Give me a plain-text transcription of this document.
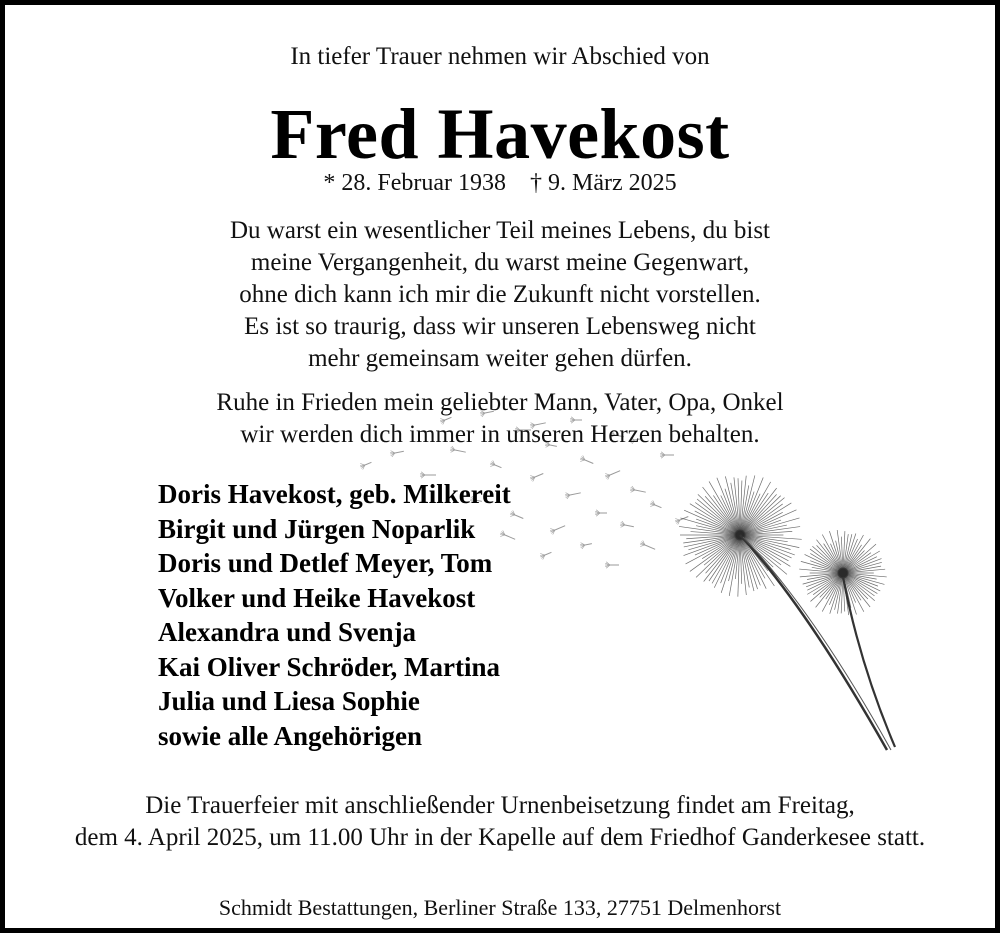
In tiefer Trauer nehmen wir Abschied von
Fred Havekost
* 28. Februar 1938 † 9. März 2025
Du warst ein wesentlicher Teil meines Lebens, du bist
meine Vergangenheit, du warst meine Gegenwart,
ohne dich kann ich mir die Zukunft nicht vorstellen.
Es ist so traurig, dass wir unseren Lebensweg nicht
mehr gemeinsam weiter gehen dürfen.
Ruhe in Frieden mein geliebter Mann, Vater, Opa, Onkel
wir werden dich immer in unseren Herzen behalten.
Doris Havekost, geb. Milkereit
Birgit und Jürgen Noparlik
Doris und Detlef Meyer, Tom
Volker und Heike Havekost
Alexandra und Svenja
Kai Oliver Schröder, Martina
Julia und Liesa Sophie
sowie alle Angehörigen
Die Trauerfeier mit anschließender Urnenbeisetzung findet am Freitag,
dem 4. April 2025, um 11.00 Uhr in der Kapelle auf dem Friedhof Ganderkesee statt.
Schmidt Bestattungen, Berliner Straße 133, 27751 Delmenhorst
